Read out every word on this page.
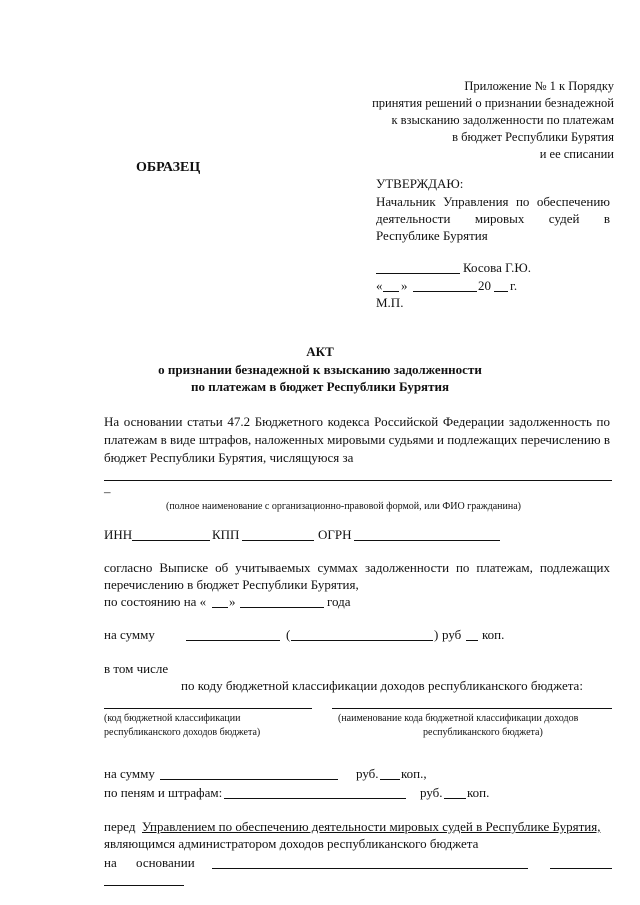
Приложение № 1 к Порядку
принятия решений о признании безнадежной
к взысканию задолженности по платежам
в бюджет Республики Бурятия
и ее списании
ОБРАЗЕЦ
УТВЕРЖДАЮ:
Начальник Управления по обеспечению
деятельности мировых судей в
Республике Бурятия
Косова Г.Ю.
« »	20 г.
М.П.
АКТ
о признании безнадежной к взысканию задолженности
по платежам в бюджет Республики Бурятия
На основании статьи 47.2 Бюджетного кодекса Российской Федерации задолженность по
платежам в виде штрафов, наложенных мировыми судьями и подлежащих перечислению в
бюджет Республики Бурятия, числящуюся за
–
(полное наименование с организационно-правовой формой, или ФИО гражданина)
ИНН	КПП	ОГРН
согласно Выписке об учитываемых суммах задолженности по платежам, подлежащих
перечислению в бюджет Республики Бурятия,
по состоянию на « »	года
на сумму	(	) руб коп.
в том числе
по коду бюджетной классификации доходов республиканского бюджета:
(код бюджетной классификации
республиканского доходов бюджета)
(наименование кода бюджетной классификации доходов
республиканского бюджета)
на сумму	руб. коп.,
по пеням и штрафам:	руб. коп.
перед Управлением по обеспечению деятельности мировых судей в Республике Бурятия,
являющимся администратором доходов республиканского бюджета
на основании
